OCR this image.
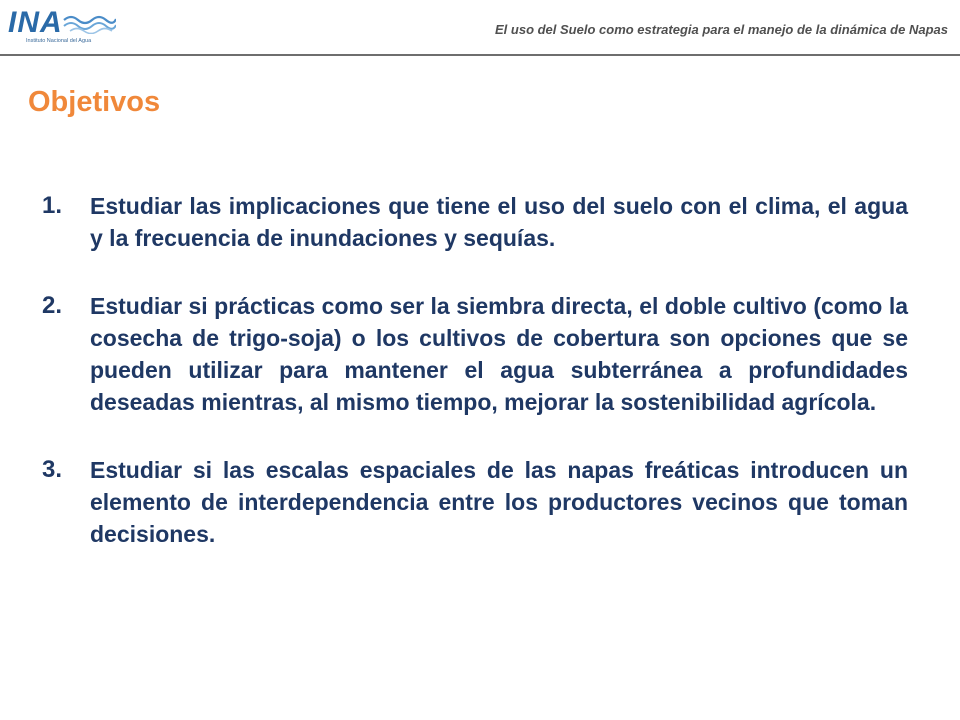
INA
Instituto Nacional del Agua
El uso del Suelo como estrategia para el manejo de la dinámica de Napas
Objetivos
1.	Estudiar las implicaciones que tiene el uso del suelo con el clima, el agua y la frecuencia de inundaciones y sequías.
2.	Estudiar si prácticas como ser la siembra directa, el doble cultivo (como la cosecha de trigo-soja) o los cultivos de cobertura son opciones que se pueden utilizar para mantener el agua subterránea a profundidades deseadas mientras, al mismo tiempo, mejorar la sostenibilidad agrícola.
3.	Estudiar si las escalas espaciales de las napas freáticas introducen un elemento de interdependencia entre los productores vecinos que toman decisiones.
